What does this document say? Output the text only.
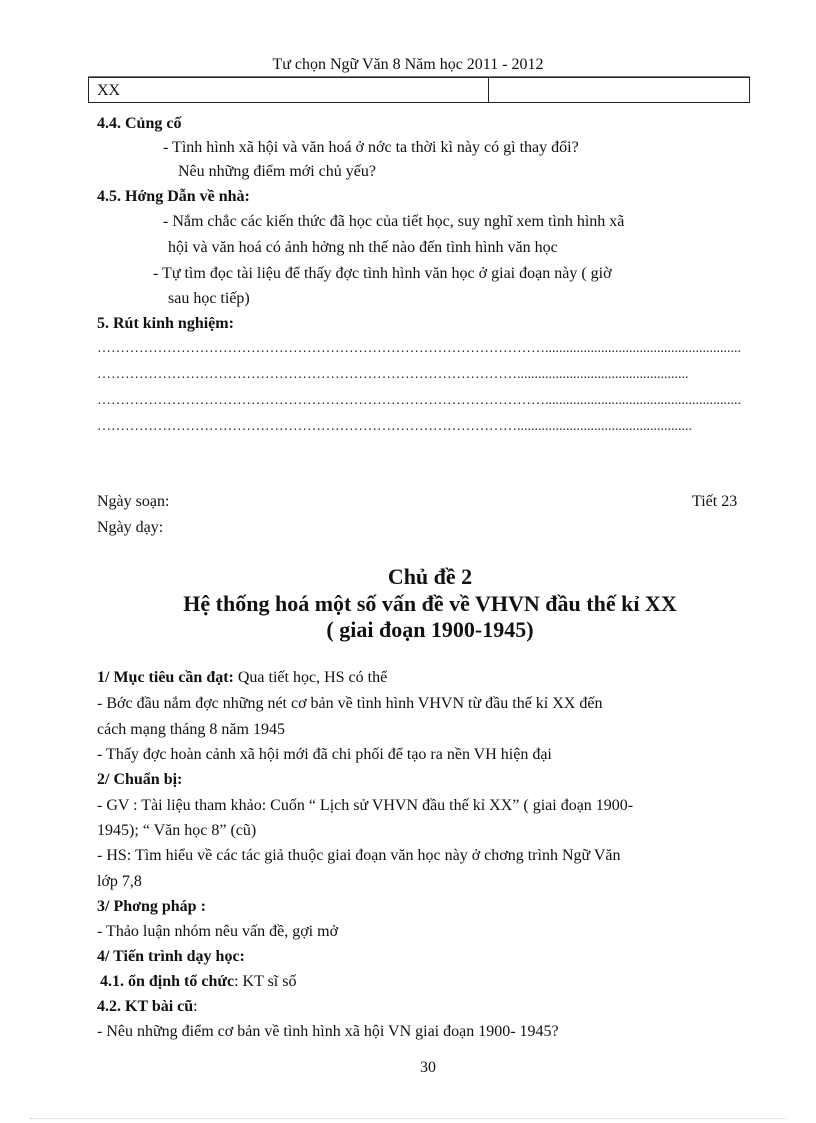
Tư chọn Ngữ Văn 8 Năm học 2011 - 2012
XX
4.4. Củng cố
- Tình hình xã hội và văn hoá ở nớc ta thời kì này có gì thay đổi?
Nêu những điểm mới chủ yếu?
4.5. Hớng Dẫn về nhà:
- Nắm chắc các kiến thức đã học của tiết học, suy nghĩ xem tình hình xã
hội và văn hoá có ảnh hởng nh thế nào đến tình hình văn học
- Tự tìm đọc tài liệu để thấy đợc tình hình văn học ở giai đoạn này ( giờ
sau học tiếp)
5. Rút kinh nghiệm:
……………………………………………………………………………………........................................................
……………………………………………………………………………….................................................
……………………………………………………………………………………........................................................
………………………………………………………………………………..................................................
Ngày soạn:	Tiết 23
Ngày dạy:
Chủ đề 2
Hệ thống hoá một số vấn đề về VHVN đầu thế kỉ XX
( giai đoạn 1900-1945)
1/ Mục tiêu cần đạt: Qua tiết học, HS có thể
- Bớc đầu nắm đợc những nét cơ bản về tình hình VHVN từ đầu thế kỉ XX đến
cách mạng tháng 8 năm 1945
- Thấy đợc hoàn cảnh xã hội mới đã chi phối để tạo ra nền VH hiện đại
2/ Chuẩn bị:
- GV : Tài liệu tham khảo: Cuốn “ Lịch sử VHVN đầu thế kỉ XX” ( giai đoạn 1900-
1945); “ Văn học 8” (cũ)
- HS: Tìm hiểu về các tác giả thuộc giai đoạn văn học này ở chơng trình Ngữ Văn
lớp 7,8
3/ Phơng pháp :
- Thảo luận nhóm nêu vấn đề, gợi mở
4/ Tiến trình dạy học:
4.1. ổn định tổ chức: KT sĩ số
4.2. KT bài cũ:
- Nêu những điểm cơ bản về tình hình xã hội VN giai đoạn 1900- 1945?
30
